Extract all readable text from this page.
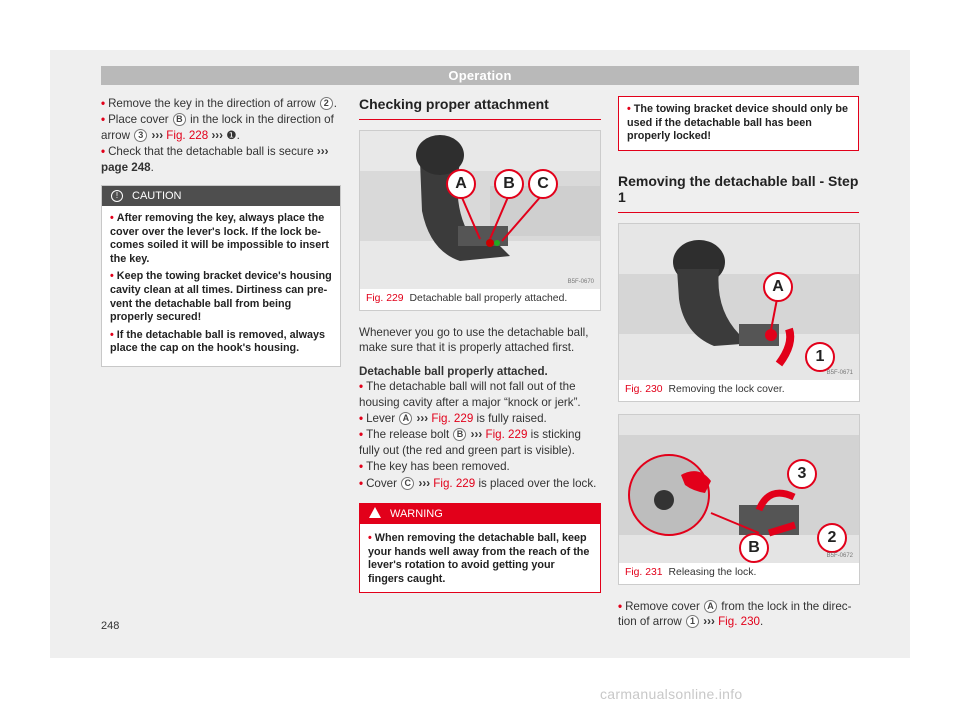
Operation

• Remove the key in the direction of arrow 2 .

• Place cover B in the lock in the direction of arrow 3 ››› Fig. 228 ››› ❶.

• Check that the detachable ball is secure ››› page 248.

!	CAUTION

• After removing the key, always place the cover over the lever's lock. If the lock be-comes soiled it will be impossible to insert the key.

• Keep the towing bracket device's housing cavity clean at all times. Dirtiness can pre-vent the detachable ball from being properly secured!

• If the detachable ball is removed, always place the cap on the hook's housing.

Checking proper attachment
A	B	C
B5F-0670
Fig. 229 Detachable ball properly attached.

Whenever you go to use the detachable ball, make sure that it is properly attached first.

Detachable ball properly attached.

• The detachable ball will not fall out of the housing cavity after a major “knock or jerk”.

• Lever A ››› Fig. 229 is fully raised.

• The release bolt B ››› Fig. 229 is sticking fully out (the red and green part is visible).

• The key has been removed.

• Cover C ››› Fig. 229 is placed over the lock.

WARNING

• When removing the detachable ball, keep your hands well away from the reach of the lever's rotation to avoid getting your fingers caught.

• The towing bracket device should only be used if the detachable ball has been properly locked!

Removing the detachable ball - Step 1
A
1
B5F-0671
Fig. 230 Removing the lock cover.
3
2
B	B5F-0672
Fig. 231 Releasing the lock.

• Remove cover A from the lock in the direc-tion of arrow 1 ››› Fig. 230.

248
carmanualsonline.info
